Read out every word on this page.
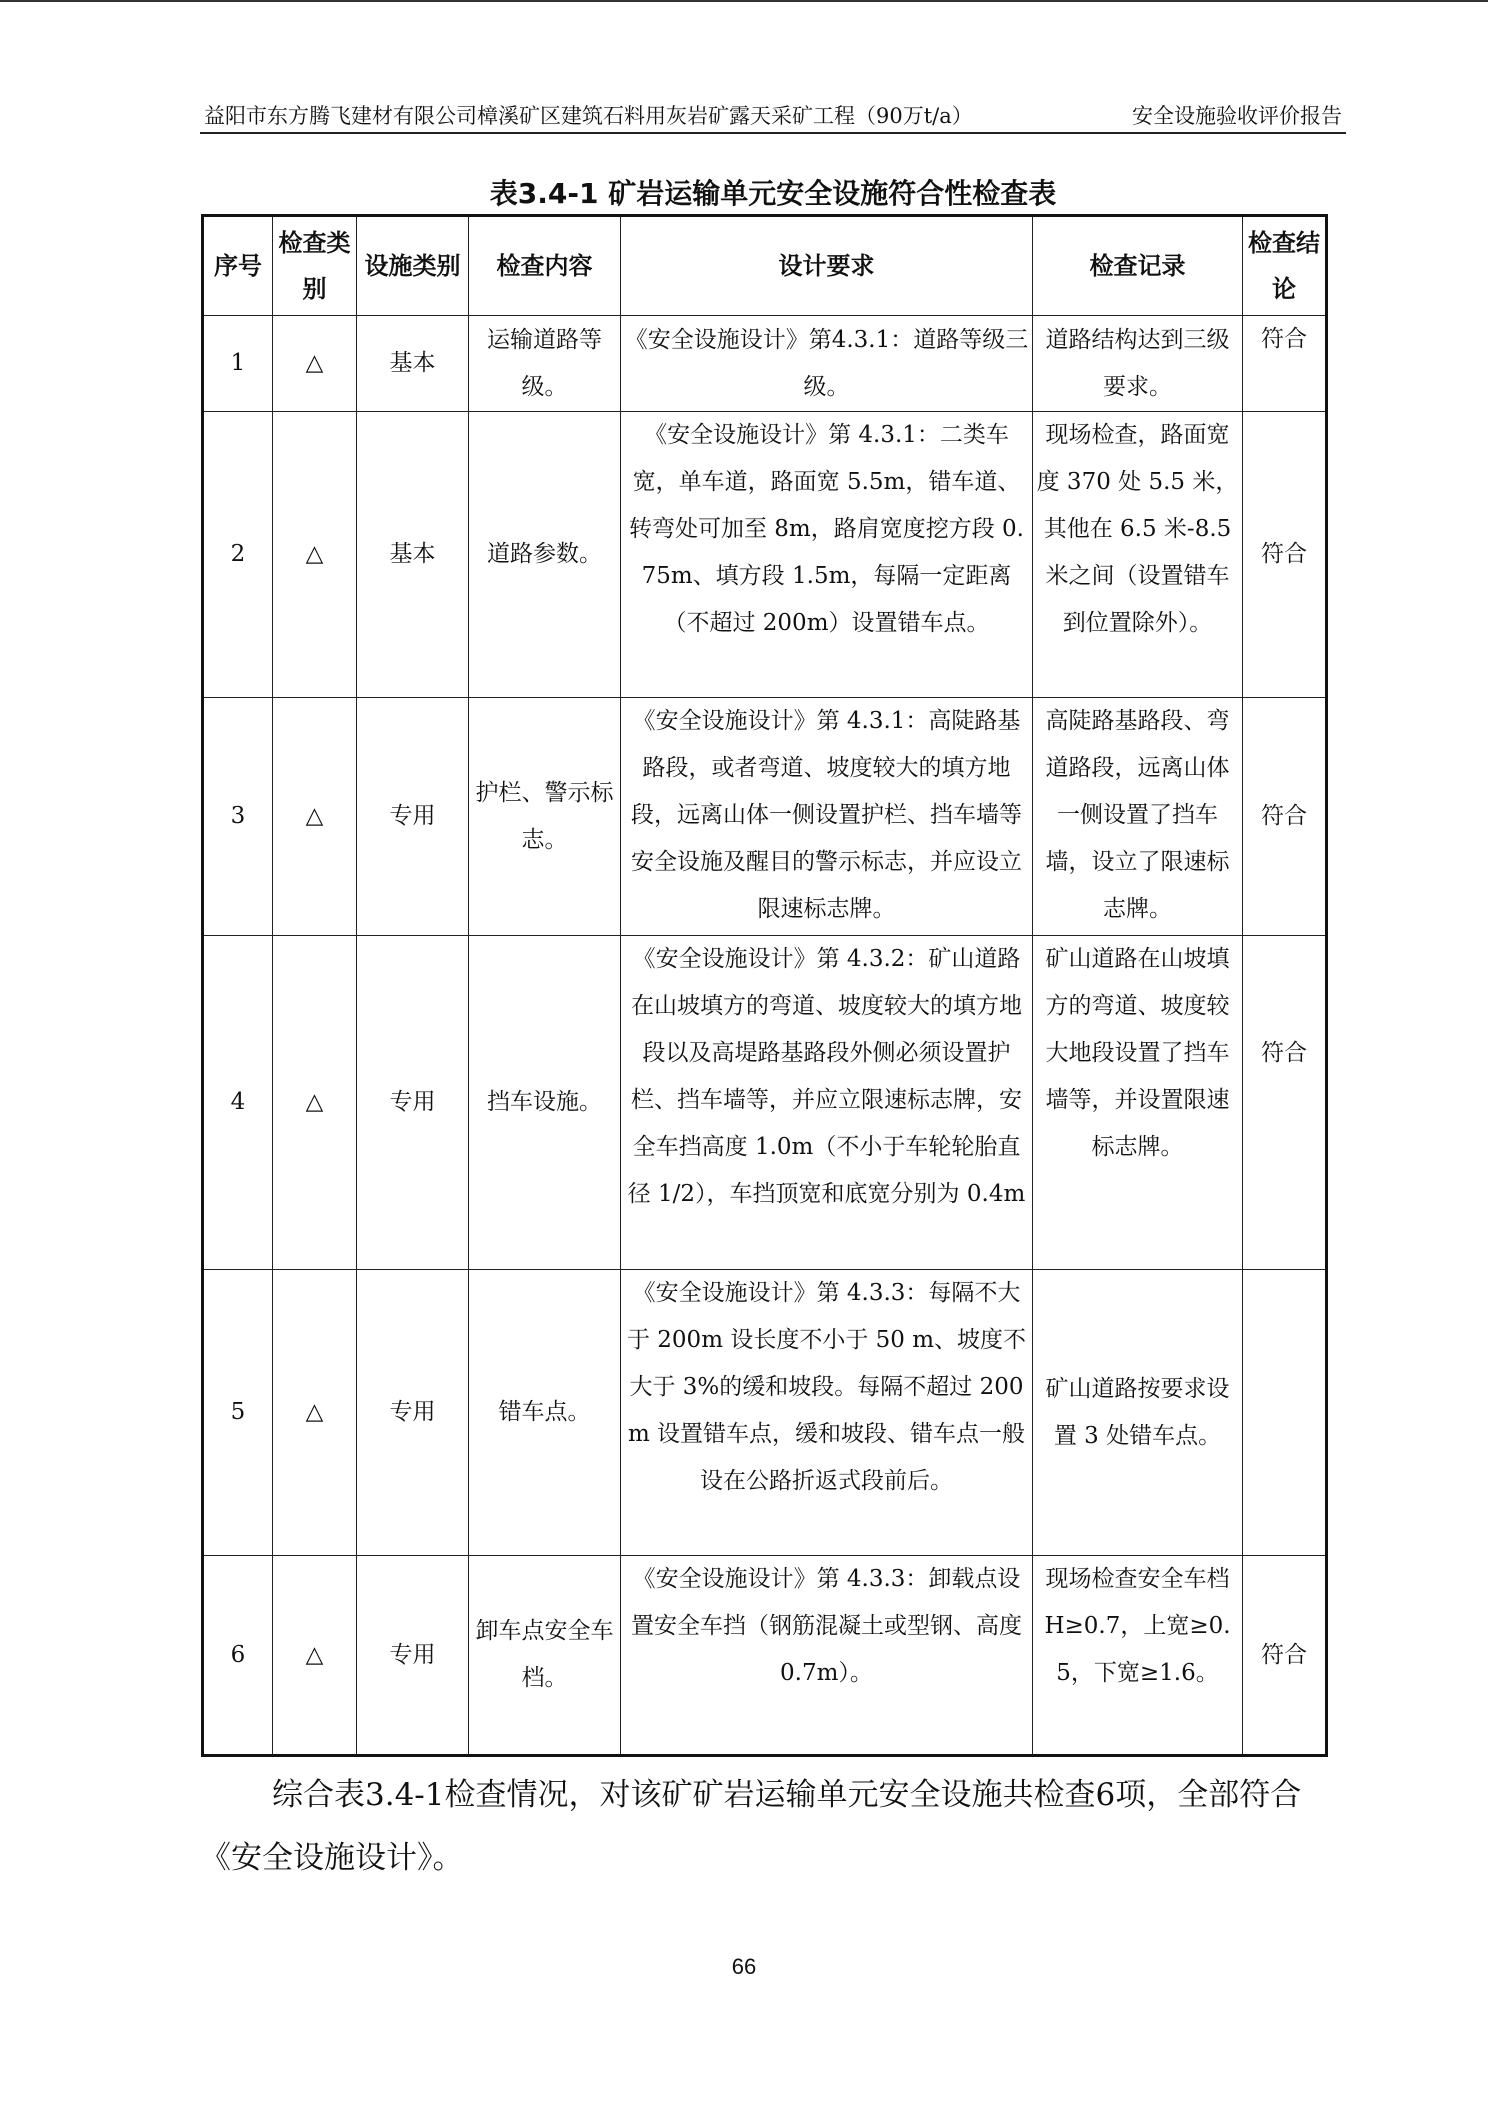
益阳市东方腾飞建材有限公司樟溪矿区建筑石料用灰岩矿露天采矿工程（90万t/a）	安全设施验收评价报告
表3.4-1 矿岩运输单元安全设施符合性检查表
序号	检查类别	设施类别	检查内容	设计要求	检查记录	检查结论
1	△	基本	运输道路等级。	《安全设施设计》第4.3.1：道路等级三级。	道路结构达到三级要求。	符合
2	△	基本	道路参数。	《安全设施设计》第 4.3.1：二类车宽，单车道，路面宽 5.5m，错车道、转弯处可加至 8m，路肩宽度挖方段 0.75m、填方段 1.5m，每隔一定距离（不超过 200m）设置错车点。	现场检查，路面宽度 370 处 5.5 米，其他在 6.5 米-8.5 米之间（设置错车到位置除外）。	符合
3	△	专用	护栏、警示标志。	《安全设施设计》第 4.3.1：高陡路基路段，或者弯道、坡度较大的填方地段，远离山体一侧设置护栏、挡车墙等安全设施及醒目的警示标志，并应设立限速标志牌。	高陡路基路段、弯道路段，远离山体一侧设置了挡车墙，设立了限速标志牌。	符合
4	△	专用	挡车设施。	《安全设施设计》第 4.3.2：矿山道路在山坡填方的弯道、坡度较大的填方地段以及高堤路基路段外侧必须设置护栏、挡车墙等，并应立限速标志牌，安全车挡高度 1.0m（不小于车轮轮胎直径 1/2），车挡顶宽和底宽分别为 0.4m	矿山道路在山坡填方的弯道、坡度较大地段设置了挡车墙等，并设置限速标志牌。	符合
5	△	专用	错车点。	《安全设施设计》第 4.3.3：每隔不大于 200m 设长度不小于 50 m、坡度不大于 3%的缓和坡段。每隔不超过 200m 设置错车点，缓和坡段、错车点一般设在公路折返式段前后。	矿山道路按要求设置 3 处错车点。	
6	△	专用	卸车点安全车档。	《安全设施设计》第 4.3.3：卸载点设置安全车挡（钢筋混凝土或型钢、高度 0.7m）。	现场检查安全车档 H≥0.7，上宽≥0.5，下宽≥1.6。	符合
综合表3.4-1检查情况，对该矿矿岩运输单元安全设施共检查6项，全部符合《安全设施设计》。
66
